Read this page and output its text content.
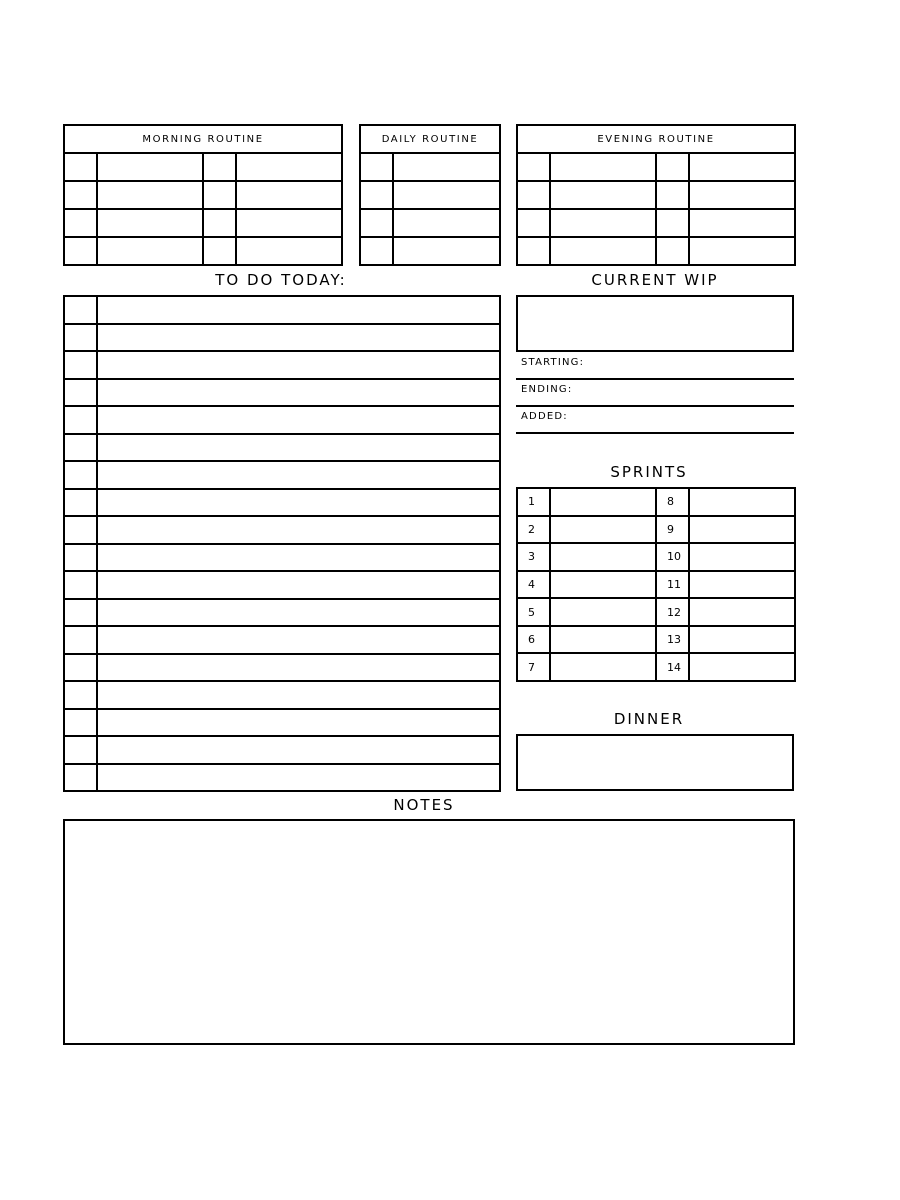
MORNING ROUTINE			

				DAILY ROUTINE	

		EVENING ROUTINE			

TO DO TODAY:

		CURRENT WIP
STARTING:
ENDING:
ADDED:
SPRINTS
1		8	
2		9	
3		10	
4		11	
5		12	
6		13	
7		14	
DINNER
NOTES
